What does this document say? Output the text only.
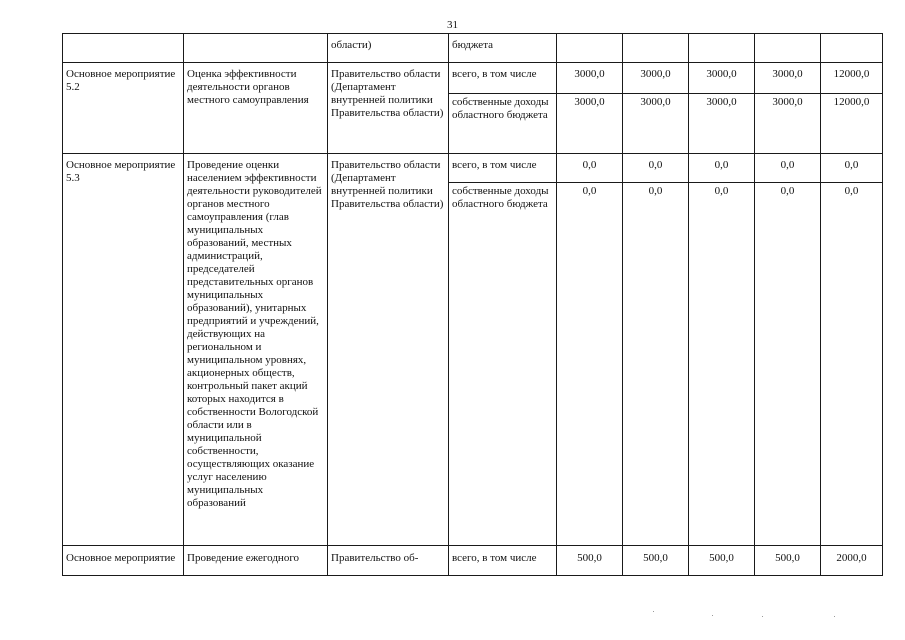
31
		области)	бюджета					
Основное мероприятие 5.2	Оценка эффективности деятельности органов местного самоуправления	Правительство области (Департамент внутренней политики Правительства области)	всего, в том числе	3000,0	3000,0	3000,0	3000,0	12000,0
			собственные доходы областного бюджета	3000,0	3000,0	3000,0	3000,0	12000,0
Основное мероприятие 5.3	Проведение оценки населением эффективности деятельности руководителей органов местного самоуправления (глав муниципальных образований, местных администраций, председателей представительных органов муниципальных образований), унитарных предприятий и учреждений, действующих на региональном и муниципальном уровнях, акционерных обществ, контрольный пакет акций которых находится в собственности Вологодской области или в муниципальной собственности, осуществляющих оказание услуг населению муниципальных образований	Правительство области (Департамент внутренней политики Правительства области)	всего, в том числе	0,0	0,0	0,0	0,0	0,0
			собственные доходы областного бюджета	0,0	0,0	0,0	0,0	0,0
Основное мероприятие	Проведение ежегодного	Правительство об-	всего, в том числе	500,0	500,0	500,0	500,0	2000,0
